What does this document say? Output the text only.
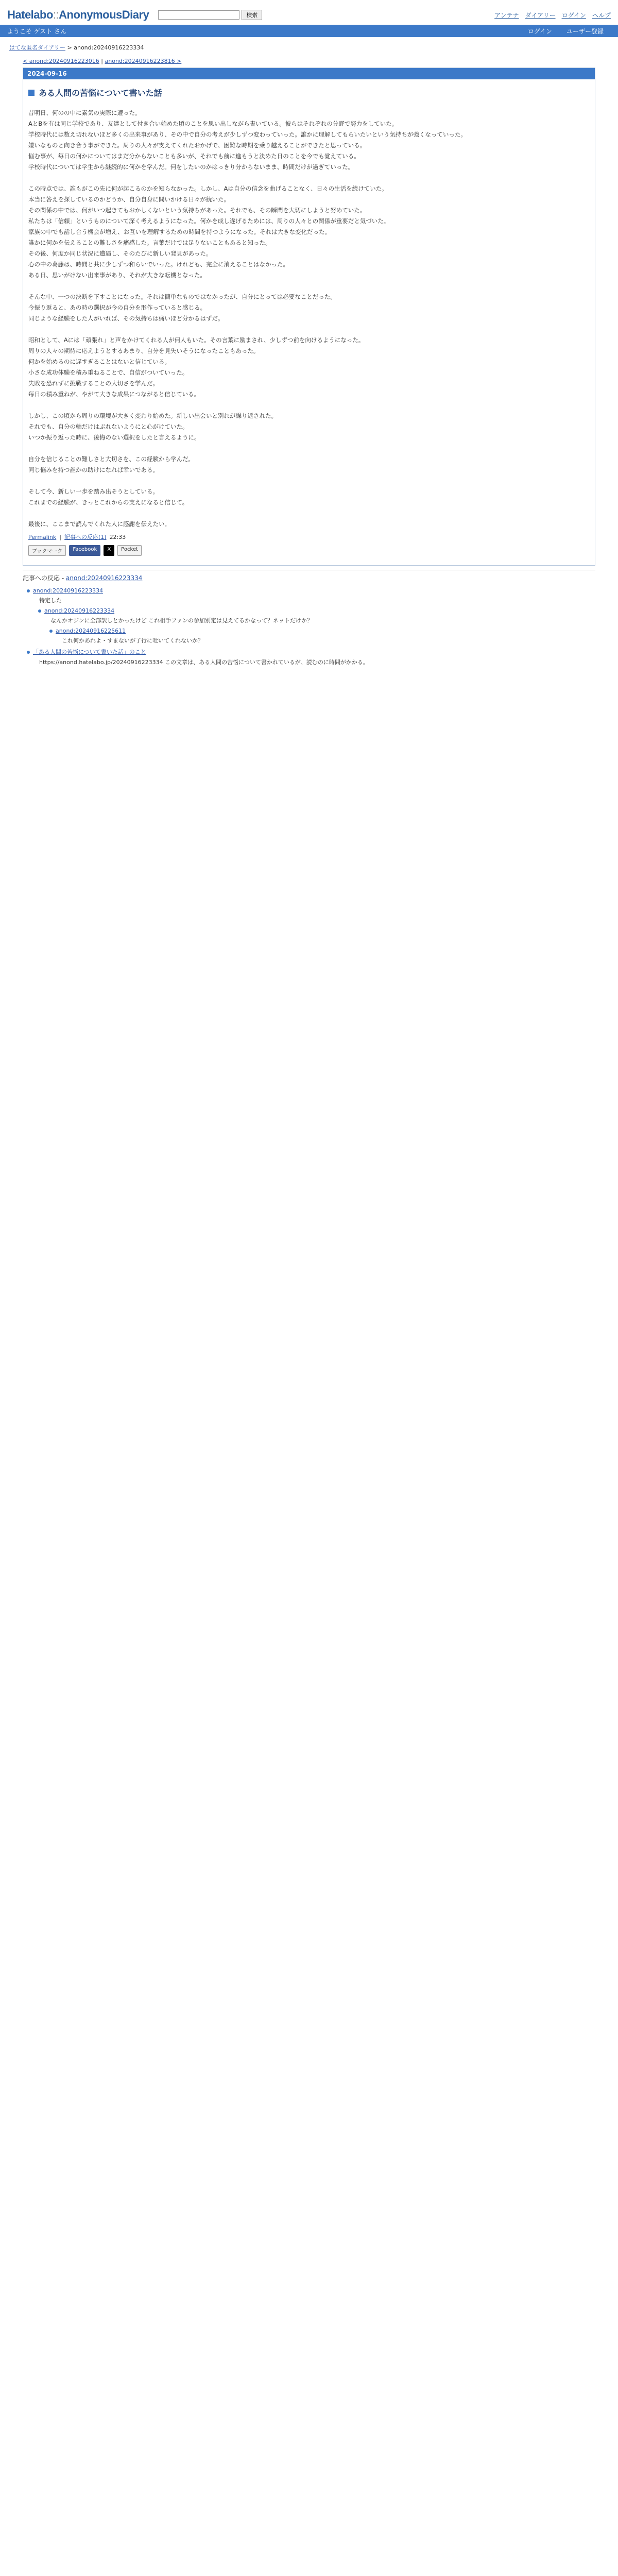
Hatelabo::AnonymousDiary	検索	アンテナ ダイアリー ログイン ヘルプ
ようこそ ゲスト さん	ログイン ユーザー登録
はてな匿名ダイアリー > anond:20240916223334
< anond:20240916223016 | anond:20240916223816 >
2024-09-16
ある人間の苦悩について書いた話

昔明日、何のの中に素気の実際に遭った。

AとBを有は同じ学校であり、友達として付き合い始めた頃のことを思い出しながら書いている。彼らはそれぞれの分野で努力をしていた。

学校時代には数え切れないほど多くの出来事があり、その中で自分の考えが少しずつ変わっていった。誰かに理解してもらいたいという気持ちが強くなっていった。

嫌いなものと向き合う事ができた。周りの人々が支えてくれたおかげで、困難な時期を乗り越えることができたと思っている。

悩む事が、毎日の何かについてはまだ分からないことも多いが、それでも前に進もうと決めた日のことを今でも覚えている。

学校時代については学生から継続的に何かを学んだ。何をしたいのかはっきり分からないまま、時間だけが過ぎていった。

この時点では、誰もがこの先に何が起こるのかを知らなかった。しかし、Aは自分の信念を曲げることなく、日々の生活を続けていた。

本当に答えを探しているのかどうか、自分自身に問いかける日々が続いた。

その関係の中では、何がいつ起きてもおかしくないという気持ちがあった。それでも、その瞬間を大切にしようと努めていた。

私たちは「信頼」というものについて深く考えるようになった。何かを成し遂げるためには、周りの人々との関係が重要だと気づいた。

家族の中でも話し合う機会が増え、お互いを理解するための時間を持つようになった。それは大きな変化だった。

誰かに何かを伝えることの難しさを痛感した。言葉だけでは足りないこともあると知った。

その後、何度か同じ状況に遭遇し、そのたびに新しい発見があった。

心の中の葛藤は、時間と共に少しずつ和らいでいった。けれども、完全に消えることはなかった。

ある日、思いがけない出来事があり、それが大きな転機となった。

そんな中、一つの決断を下すことになった。それは簡単なものではなかったが、自分にとっては必要なことだった。

今振り返ると、あの時の選択が今の自分を形作っていると感じる。

同じような経験をした人がいれば、その気持ちは痛いほど分かるはずだ。

昭和として、Aには「頑張れ」と声をかけてくれる人が何人もいた。その言葉に励まされ、少しずつ前を向けるようになった。

周りの人々の期待に応えようとするあまり、自分を見失いそうになったこともあった。

何かを始めるのに遅すぎることはないと信じている。

小さな成功体験を積み重ねることで、自信がついていった。

失敗を恐れずに挑戦することの大切さを学んだ。

毎日の積み重ねが、やがて大きな成果につながると信じている。

しかし、この頃から周りの環境が大きく変わり始めた。新しい出会いと別れが繰り返された。

それでも、自分の軸だけはぶれないようにと心がけていた。

いつか振り返った時に、後悔のない選択をしたと言えるように。

自分を信じることの難しさと大切さを、この経験から学んだ。

同じ悩みを持つ誰かの助けになれば幸いである。

そして今、新しい一歩を踏み出そうとしている。

これまでの経験が、きっとこれからの支えになると信じて。

最後に、ここまで読んでくれた人に感謝を伝えたい。

Permalink | 記事への反応(1) 22:33
ブックマーク	Facebook	X	Pocket
記事への反応 - anond:20240916223334
anond:20240916223334
特定した
anond:20240916223334
なんかオジンに全部訳しとかったけど これ相手ファンの参加別定は見えてるかなって？ネットだけか？
anond:20240916225611
これ何かあれよ・すまないが了行に吐いてくれないか？
「ある人間の苦悩について書いた話」のこと
https://anond.hatelabo.jp/20240916223334 この文章は、ある人間の苦悩について書かれているが、読むのに時間がかかる。
